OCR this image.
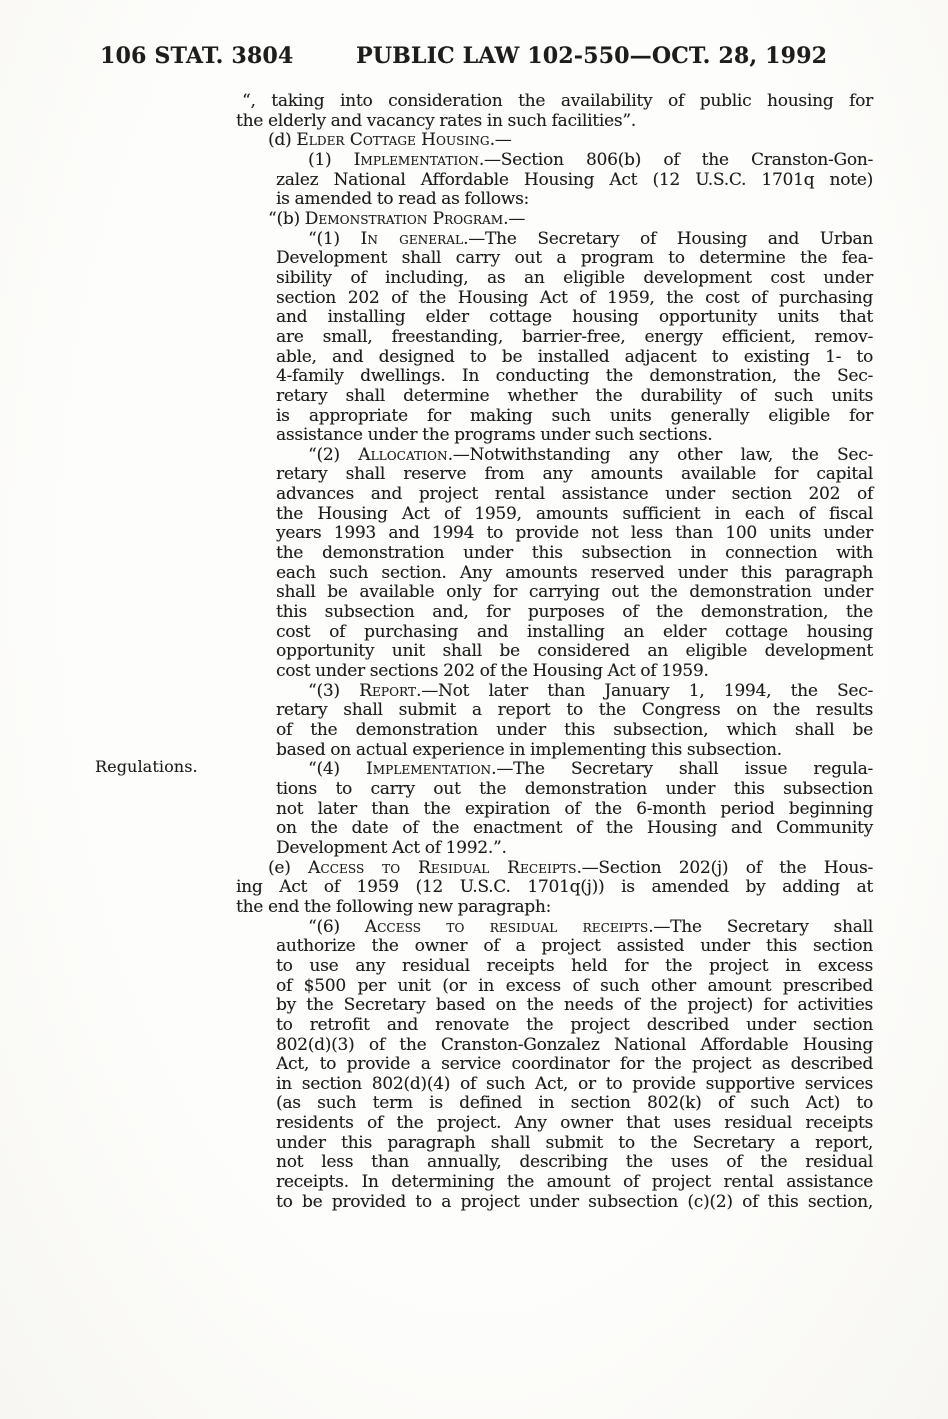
106 STAT. 3804	PUBLIC LAW 102-550—OCT. 28, 1992
Regulations.
“, taking into consideration the availability of public housing for
the elderly and vacancy rates in such facilities”.
(d) Elder Cottage Housing.—
(1) Implementation.—Section 806(b) of the Cranston-Gon-
zalez National Affordable Housing Act (12 U.S.C. 1701q note)
is amended to read as follows:
“(b) Demonstration Program.—
“(1) In general.—The Secretary of Housing and Urban
Development shall carry out a program to determine the fea-
sibility of including, as an eligible development cost under
section 202 of the Housing Act of 1959, the cost of purchasing
and installing elder cottage housing opportunity units that
are small, freestanding, barrier-free, energy efficient, remov-
able, and designed to be installed adjacent to existing 1- to
4-family dwellings. In conducting the demonstration, the Sec-
retary shall determine whether the durability of such units
is appropriate for making such units generally eligible for
assistance under the programs under such sections.
“(2) Allocation.—Notwithstanding any other law, the Sec-
retary shall reserve from any amounts available for capital
advances and project rental assistance under section 202 of
the Housing Act of 1959, amounts sufficient in each of fiscal
years 1993 and 1994 to provide not less than 100 units under
the demonstration under this subsection in connection with
each such section. Any amounts reserved under this paragraph
shall be available only for carrying out the demonstration under
this subsection and, for purposes of the demonstration, the
cost of purchasing and installing an elder cottage housing
opportunity unit shall be considered an eligible development
cost under sections 202 of the Housing Act of 1959.
“(3) Report.—Not later than January 1, 1994, the Sec-
retary shall submit a report to the Congress on the results
of the demonstration under this subsection, which shall be
based on actual experience in implementing this subsection.
“(4) Implementation.—The Secretary shall issue regula-
tions to carry out the demonstration under this subsection
not later than the expiration of the 6-month period beginning
on the date of the enactment of the Housing and Community
Development Act of 1992.”.
(e) Access to Residual Receipts.—Section 202(j) of the Hous-
ing Act of 1959 (12 U.S.C. 1701q(j)) is amended by adding at
the end the following new paragraph:
“(6) Access to residual receipts.—The Secretary shall
authorize the owner of a project assisted under this section
to use any residual receipts held for the project in excess
of $500 per unit (or in excess of such other amount prescribed
by the Secretary based on the needs of the project) for activities
to retrofit and renovate the project described under section
802(d)(3) of the Cranston-Gonzalez National Affordable Housing
Act, to provide a service coordinator for the project as described
in section 802(d)(4) of such Act, or to provide supportive services
(as such term is defined in section 802(k) of such Act) to
residents of the project. Any owner that uses residual receipts
under this paragraph shall submit to the Secretary a report,
not less than annually, describing the uses of the residual
receipts. In determining the amount of project rental assistance
to be provided to a project under subsection (c)(2) of this section,
